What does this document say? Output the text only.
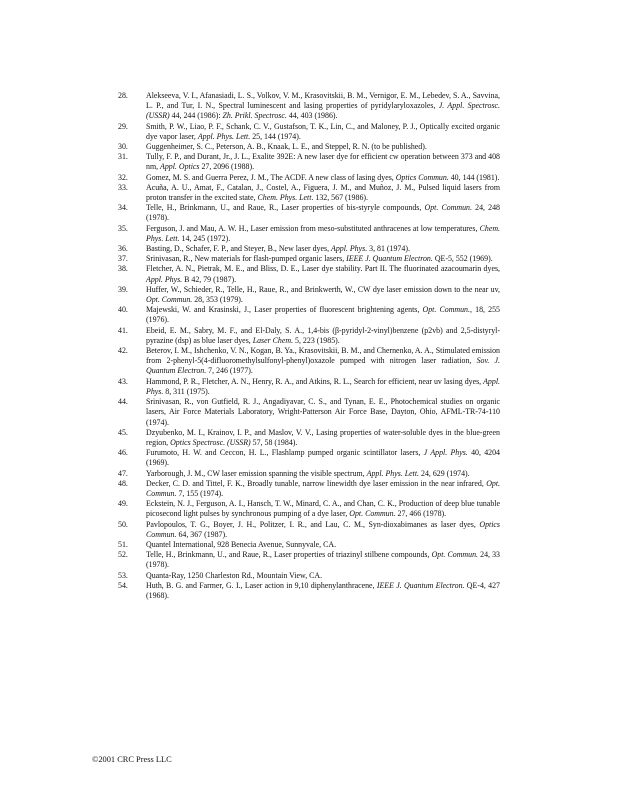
28.	Alekseeva, V. I., Afanasiadi, L. S., Volkov, V. M., Krasovitskii, B. M., Vernigor, E. M., Lebedev, S. A., Savvina, L. P., and Tur, I. N., Spectral luminescent and lasing properties of pyridylaryloxazoles, J. Appl. Spectrosc. (USSR) 44, 244 (1986): Zh. Prikl. Spectrosc. 44, 403 (1986).
29.	Smith, P. W., Liao, P. F., Schank, C. V., Gustafson, T. K., Lin, C., and Maloney, P. J., Optically excited organic dye vapor laser, Appl. Phys. Lett. 25, 144 (1974).
30.	Guggenheimer, S. C., Peterson, A. B., Knaak, L. E., and Steppel, R. N. (to be published).
31.	Tully, F. P., and Durant, Jr., J. L., Exalite 392E: A new laser dye for efficient cw operation between 373 and 408 nm, Appl. Optics 27, 2096 (1988).
32.	Gomez, M. S. and Guerra Perez, J. M., The ACDF. A new class of lasing dyes, Optics Commun. 40, 144 (1981).
33.	Acuña, A. U., Amat, F., Catalan, J., Costel, A., Figuera, J. M., and Muñoz, J. M., Pulsed liquid lasers from proton transfer in the excited state, Chem. Phys. Lett. 132, 567 (1986).
34.	Telle, H., Brinkmann, U., and Raue, R., Laser properties of bis-styryle compounds, Opt. Commun. 24, 248 (1978).
35.	Ferguson, J. and Mau, A. W. H., Laser emission from meso-substituted anthracenes at low temperatures, Chem. Phys. Lett. 14, 245 (1972).
36.	Basting, D., Schafer, F. P., and Steyer, B., New laser dyes, Appl. Phys. 3, 81 (1974).
37.	Srinivasan, R., New materials for flash-pumped organic lasers, IEEE J. Quantum Electron. QE-5, 552 (1969).
38.	Fletcher, A. N., Pietrak, M. E., and Bliss, D. E., Laser dye stability. Part II. The fluorinated azacoumarin dyes, Appl. Phys. B 42, 79 (1987).
39.	Huffer, W., Schieder, R., Telle, H., Raue, R., and Brinkwerth, W., CW dye laser emission down to the near uv, Opt. Commun. 28, 353 (1979).
40.	Majewski, W. and Krasinski, J., Laser properties of fluorescent brightening agents, Opt. Commun., 18, 255 (1976).
41.	Ebeid, E. M., Sabry, M. F., and El-Daly, S. A., 1,4-bis (β-pyridyl-2-vinyl)benzene (p2vb) and 2,5-distyryl-pyrazine (dsp) as blue laser dyes, Laser Chem. 5, 223 (1985).
42.	Beterov, I. M., Ishchenko, V. N., Kogan, B. Ya., Krasovitskii, B. M., and Chernenko, A. A., Stimulated emission from 2-phenyl-5(4-difluoromethylsulfonyl-phenyl)oxazole pumped with nitrogen laser radiation, Sov. J. Quantum Electron. 7, 246 (1977).
43.	Hammond, P. R., Fletcher, A. N., Henry, R. A., and Atkins, R. L., Search for efficient, near uv lasing dyes, Appl. Phys. 8, 311 (1975).
44.	Srinivasan, R., von Gutfield, R. J., Angadiyavar, C. S., and Tynan, E. E., Photochemical studies on organic lasers, Air Force Materials Laboratory, Wright-Patterson Air Force Base, Dayton, Ohio, AFML-TR-74-110 (1974).
45.	Dzyubenko, M. I., Krainov, I. P., and Maslov, V. V., Lasing properties of water-soluble dyes in the blue-green region, Optics Spectrosc. (USSR) 57, 58 (1984).
46.	Furumoto, H. W. and Ceccon, H. L., Flashlamp pumped organic scintillator lasers, J Appl. Phys. 40, 4204 (1969).
47.	Yarborough, J. M., CW laser emission spanning the visible spectrum, Appl. Phys. Lett. 24, 629 (1974).
48.	Decker, C. D. and Tittel, F. K., Broadly tunable, narrow linewidth dye laser emission in the near infrared, Opt. Commun. 7, 155 (1974).
49.	Eckstein, N. J., Ferguson, A. I., Hansch, T. W., Minard, C. A., and Chan, C. K., Production of deep blue tunable picosecond light pulses by synchronous pumping of a dye laser, Opt. Commun. 27, 466 (1978).
50.	Pavlopoulos, T. G., Boyer, J. H., Politzer, I. R., and Lau, C. M., Syn-dioxabimanes as laser dyes, Optics Commun. 64, 367 (1987).
51.	Quantel International, 928 Benecia Avenue, Sunnyvale, CA.
52.	Telle, H., Brinkmann, U., and Raue, R., Laser properties of triazinyl stilbene compounds, Opt. Commun. 24, 33 (1978).
53.	Quanta-Ray, 1250 Charleston Rd., Mountain View, CA.
54.	Huth, B. G. and Farmer, G. I., Laser action in 9,10 diphenylanthracene, IEEE J. Quantum Electron. QE-4, 427 (1968).
©2001 CRC Press LLC
